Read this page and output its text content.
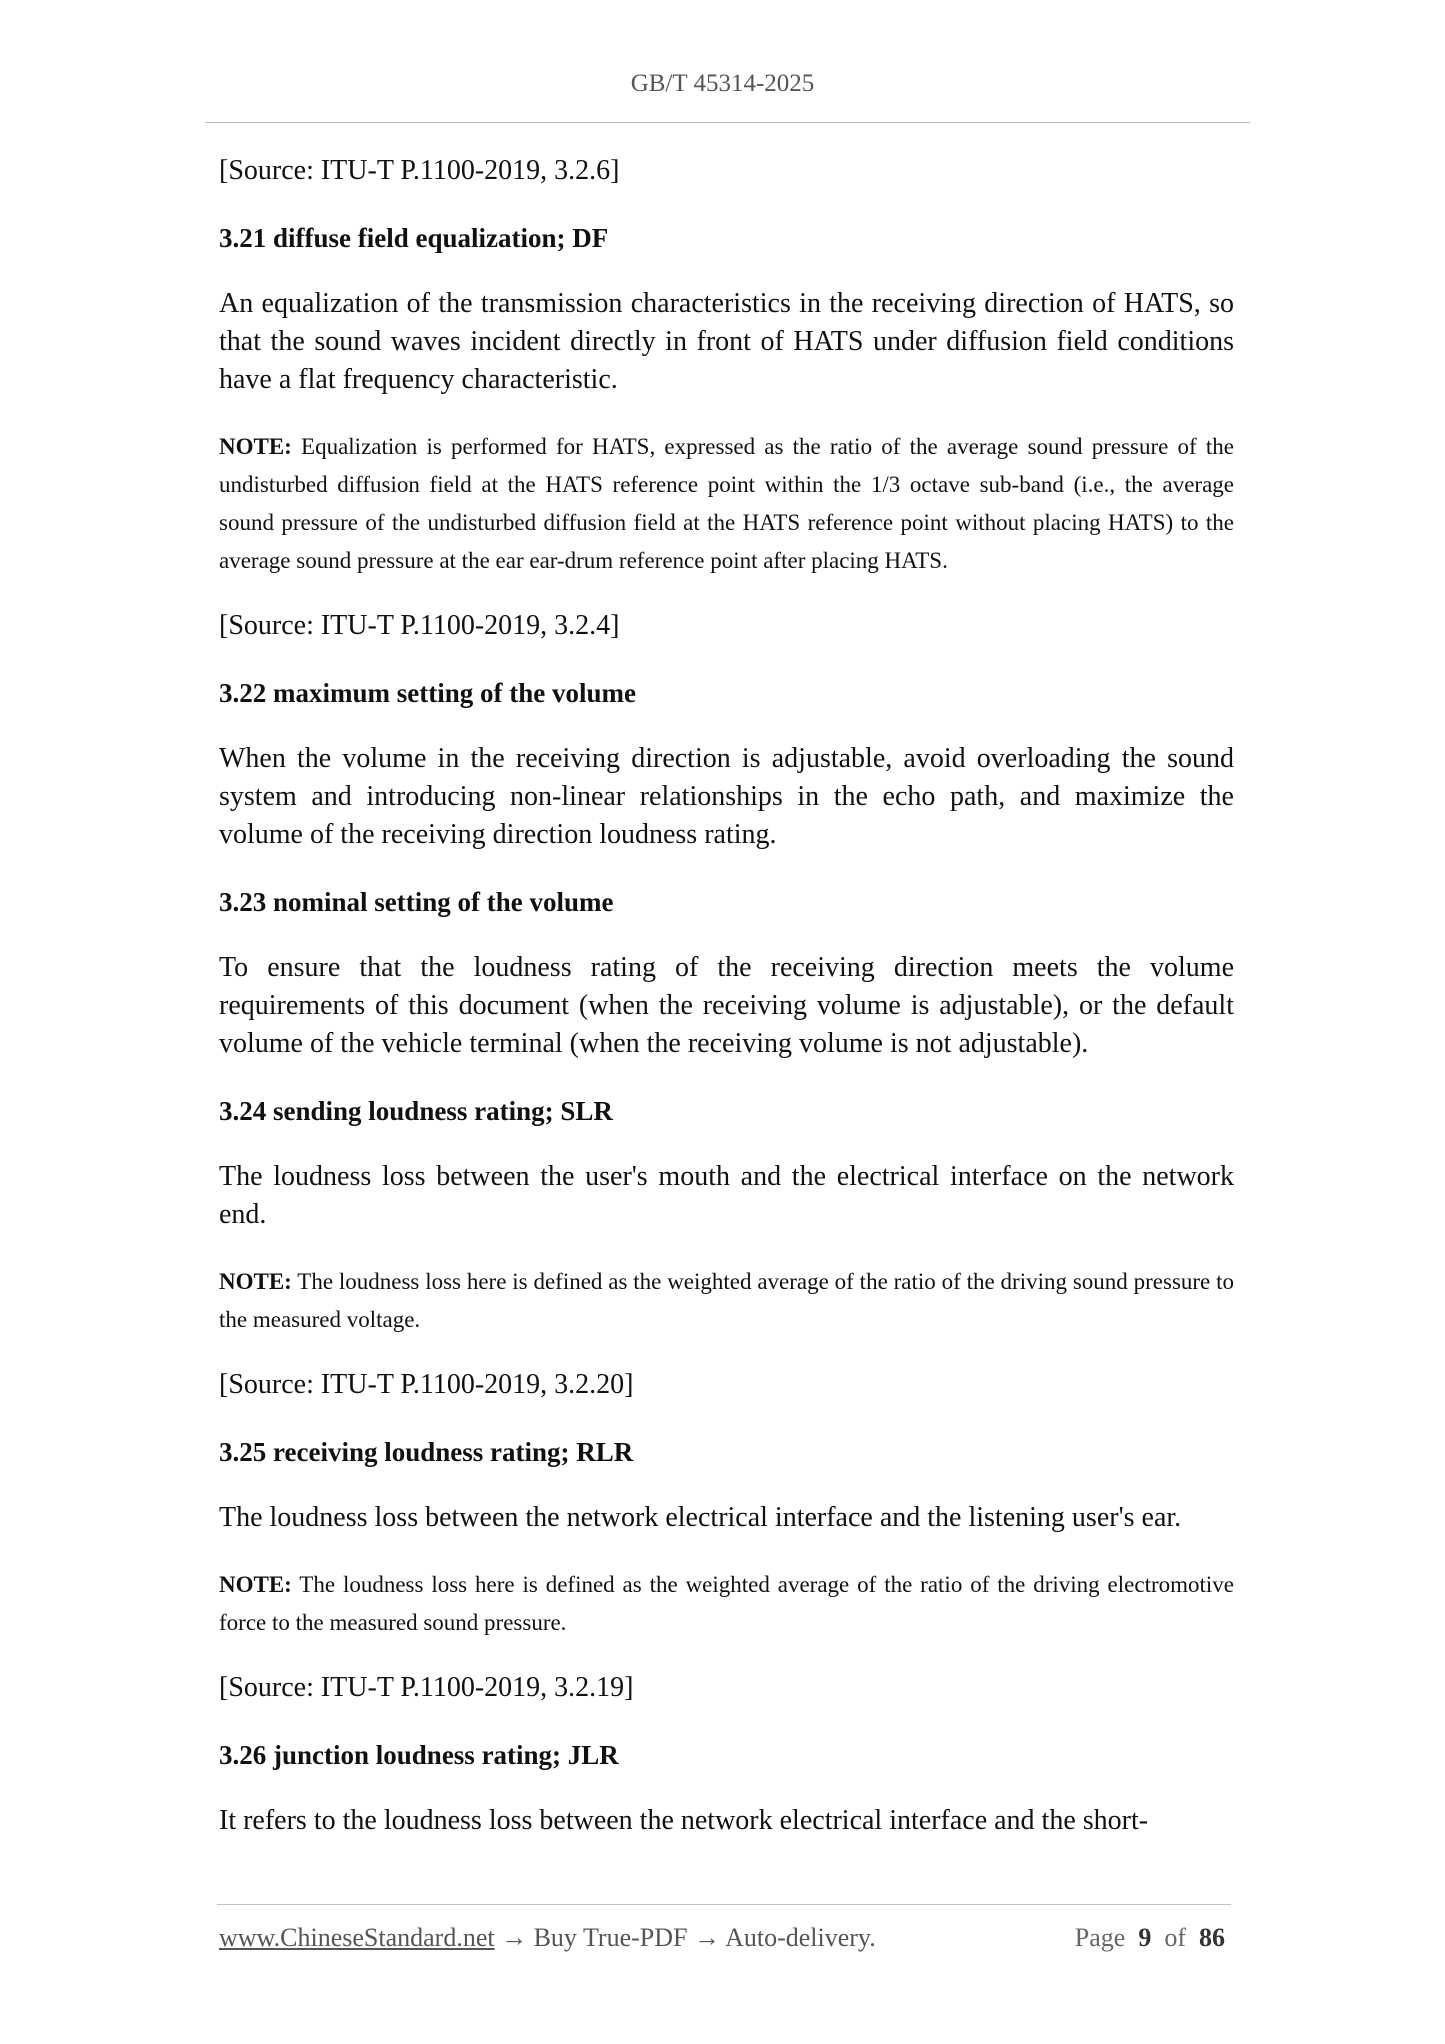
GB/T 45314-2025

[Source: ITU-T P.1100-2019, 3.2.6]

3.21 diffuse field equalization; DF

An equalization of the transmission characteristics in the receiving direction of HATS, so that the sound waves incident directly in front of HATS under diffusion field conditions have a flat frequency characteristic.

NOTE: Equalization is performed for HATS, expressed as the ratio of the average sound pressure of the undisturbed diffusion field at the HATS reference point within the 1/3 octave sub-band (i.e., the average sound pressure of the undisturbed diffusion field at the HATS reference point without placing HATS) to the average sound pressure at the ear ear-drum reference point after placing HATS.

[Source: ITU-T P.1100-2019, 3.2.4]

3.22 maximum setting of the volume

When the volume in the receiving direction is adjustable, avoid overloading the sound system and introducing non-linear relationships in the echo path, and maximize the volume of the receiving direction loudness rating.

3.23 nominal setting of the volume

To ensure that the loudness rating of the receiving direction meets the volume requirements of this document (when the receiving volume is adjustable), or the default volume of the vehicle terminal (when the receiving volume is not adjustable).

3.24 sending loudness rating; SLR

The loudness loss between the user's mouth and the electrical interface on the network end.

NOTE: The loudness loss here is defined as the weighted average of the ratio of the driving sound pressure to the measured voltage.

[Source: ITU-T P.1100-2019, 3.2.20]

3.25 receiving loudness rating; RLR

The loudness loss between the network electrical interface and the listening user's ear.

NOTE: The loudness loss here is defined as the weighted average of the ratio of the driving electromotive force to the measured sound pressure.

[Source: ITU-T P.1100-2019, 3.2.19]

3.26 junction loudness rating; JLR

It refers to the loudness loss between the network electrical interface and the short-

www.ChineseStandard.net → Buy True-PDF → Auto-delivery.	Page 9 of 86
